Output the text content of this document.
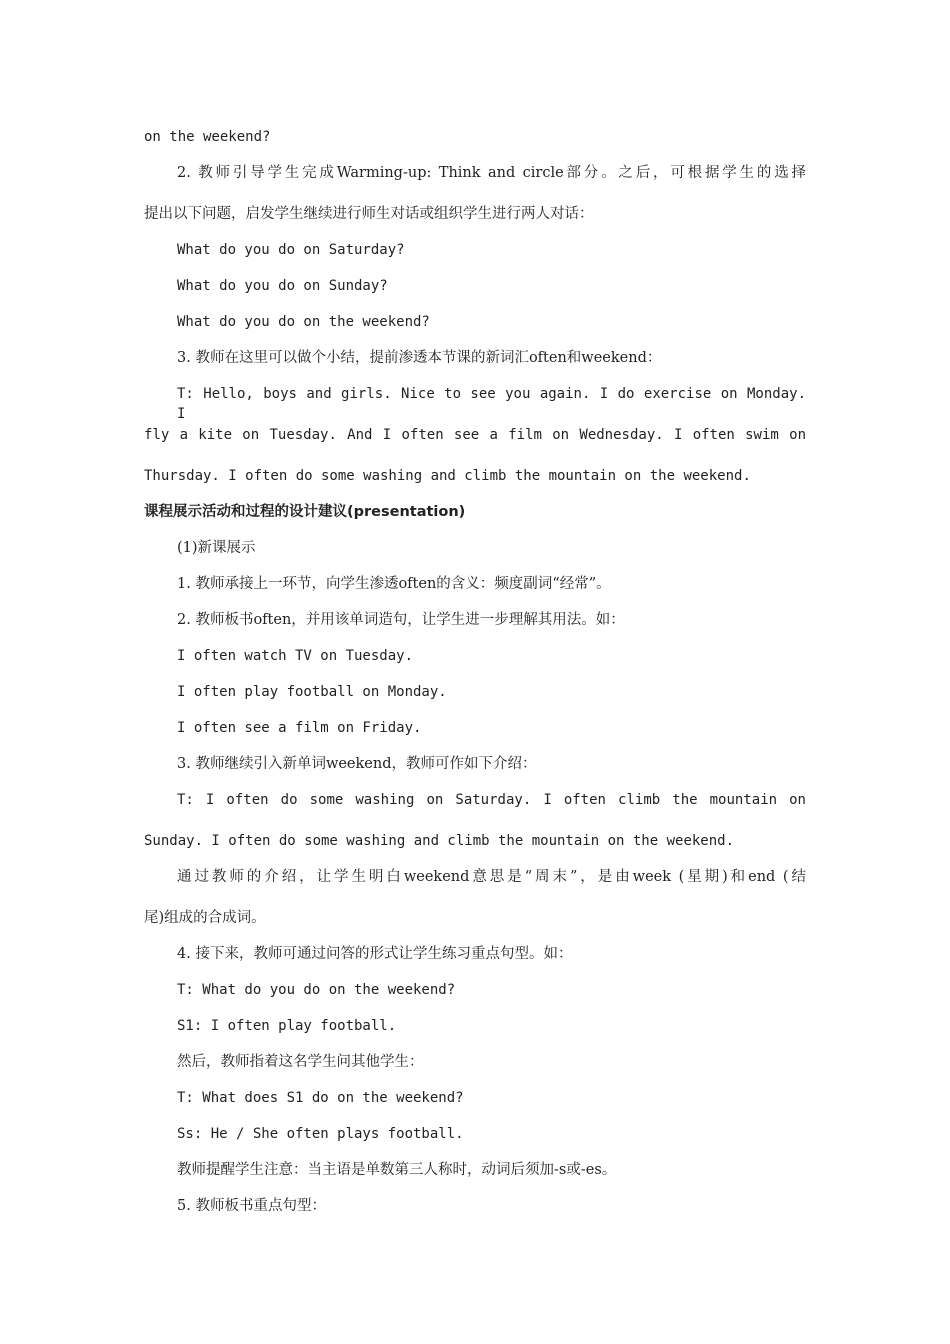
on the weekend?
2. 教师引导学生完成Warming-up: Think and circle部分。之后，可根据学生的选择
提出以下问题，启发学生继续进行师生对话或组织学生进行两人对话：
What do you do on Saturday?
What do you do on Sunday?
What do you do on the weekend?
3. 教师在这里可以做个小结，提前渗透本节课的新词汇often和weekend：
T: Hello, boys and girls. Nice to see you again. I do exercise on Monday. I
fly a kite on Tuesday. And I often see a film on Wednesday. I often swim on
Thursday. I often do some washing and climb the mountain on the weekend.
课程展示活动和过程的设计建议(presentation)
(1)新课展示
1. 教师承接上一环节，向学生渗透often的含义：频度副词“经常”。
2. 教师板书often，并用该单词造句，让学生进一步理解其用法。如：
I often watch TV on Tuesday.
I often play football on Monday.
I often see a film on Friday.
3. 教师继续引入新单词weekend，教师可作如下介绍：
T: I often do some washing on Saturday. I often climb the mountain on
Sunday. I often do some washing and climb the mountain on the weekend.
通过教师的介绍，让学生明白weekend意思是“周末”，是由week (星期)和end (结
尾)组成的合成词。
4. 接下来，教师可通过问答的形式让学生练习重点句型。如：
T: What do you do on the weekend?
S1: I often play football.
然后，教师指着这名学生问其他学生：
T: What does S1 do on the weekend?
Ss: He / She often plays football.
教师提醒学生注意：当主语是单数第三人称时，动词后须加-s或-es。
5. 教师板书重点句型：
